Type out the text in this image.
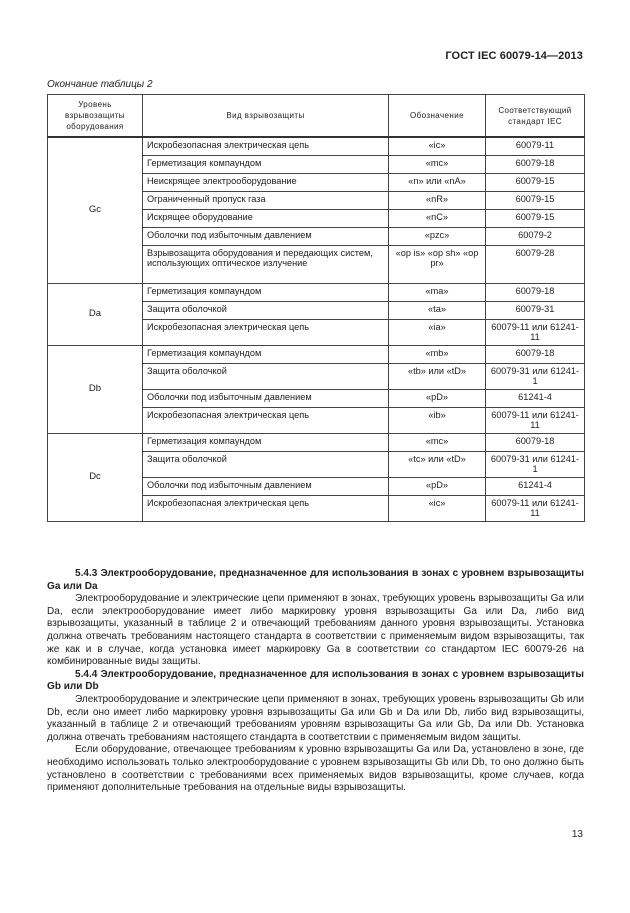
ГОСТ IEC 60079-14—2013
Окончание таблицы 2
Уровень взрывозащиты оборудования	Вид взрывозащиты	Обозначение	Соответствующий стандарт IEC
Gc	Искробезопасная электрическая цепь	«ic»	60079-11
	Герметизация компаундом	«mc»	60079-18
	Неискрящее электрооборудование	«n» или «nA»	60079-15
	Ограниченный пропуск газа	«nR»	60079-15
	Искрящее оборудование	«nC»	60079-15
	Оболочки под избыточным давлением	«pzc»	60079-2
	Взрывозащита оборудования и передающих систем, использующих оптическое излучение	«op is» «op sh» «op pr»	60079-28
Da	Герметизация компаундом	«ma»	60079-18
	Защита оболочкой	«ta»	60079-31
	Искробезопасная электрическая цепь	«ia»	60079-11 или 61241-11
Db	Герметизация компаундом	«mb»	60079-18
	Защита оболочкой	«tb» или «tD»	60079-31 или 61241-1
	Оболочки под избыточным давлением	«pD»	61241-4
	Искробезопасная электрическая цепь	«ib»	60079-11 или 61241-11
Dc	Герметизация компаундом	«mc»	60079-18
	Защита оболочкой	«tc» или «tD»	60079-31 или 61241-1
	Оболочки под избыточным давлением	«pD»	61241-4
	Искробезопасная электрическая цепь	«ic»	60079-11 или 61241-11

5.4.3 Электрооборудование, предназначенное для использования в зонах с уровнем взрывозащиты Ga или Da

Электрооборудование и электрические цепи применяют в зонах, требующих уровень взрывозащиты Ga или Da, если электрооборудование имеет либо маркировку уровня взрывозащиты Ga или Da, либо вид взрывозащиты, указанный в таблице 2 и отвечающий требованиям данного уровня взрывозащиты. Установка должна отвечать требованиям настоящего стандарта в соответствии с применяемым видом взрывозащиты, так же как и в случае, когда установка имеет маркировку Ga в соответствии со стандартом IEC 60079-26 на комбинированные виды защиты.

5.4.4 Электрооборудование, предназначенное для использования в зонах с уровнем взрывозащиты Gb или Db

Электрооборудование и электрические цепи применяют в зонах, требующих уровень взрывозащиты Gb или Db, если оно имеет либо маркировку уровня взрывозащиты Ga или Gb и Da или Db, либо вид взрывозащиты, указанный в таблице 2 и отвечающий требованиям уровням взрывозащиты Ga или Gb, Da или Db. Установка должна отвечать требованиям настоящего стандарта в соответствии с применяемым видом защиты.

Если оборудование, отвечающее требованиям к уровню взрывозащиты Ga или Da, установлено в зоне, где необходимо использовать только электрооборудование с уровнем взрывозащиты Gb или Db, то оно должно быть установлено в соответствии с требованиями всех применяемых видов взрывозащиты, кроме случаев, когда применяют дополнительные требования на отдельные виды взрывозащиты.

13
